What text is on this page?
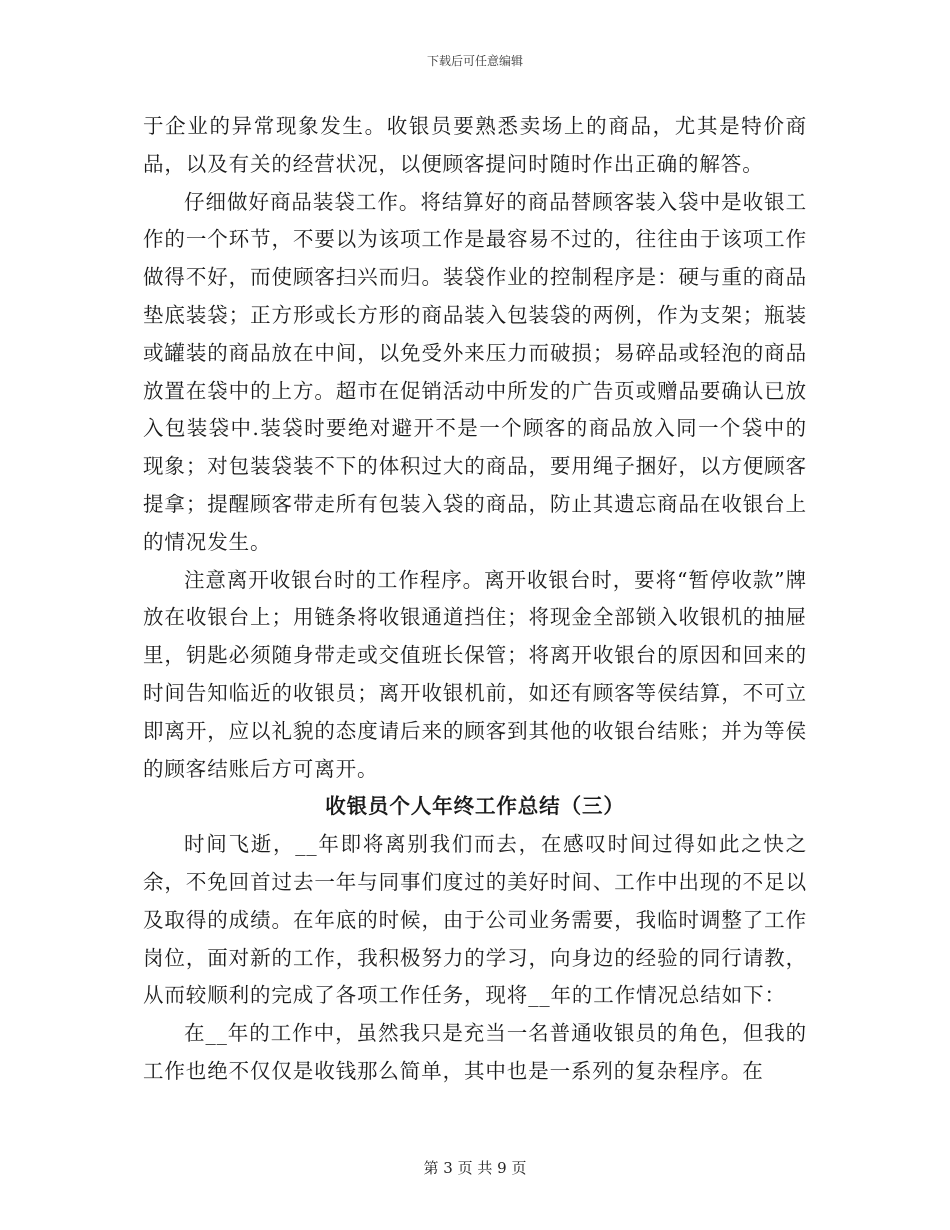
下载后可任意编辑

于企业的异常现象发生。收银员要熟悉卖场上的商品，尤其是特价商品，以及有关的经营状况，以便顾客提问时随时作出正确的解答。

仔细做好商品装袋工作。将结算好的商品替顾客装入袋中是收银工作的一个环节，不要以为该项工作是最容易不过的，往往由于该项工作做得不好，而使顾客扫兴而归。装袋作业的控制程序是：硬与重的商品垫底装袋；正方形或长方形的商品装入包装袋的两例，作为支架；瓶装或罐装的商品放在中间，以免受外来压力而破损；易碎品或轻泡的商品放置在袋中的上方。超市在促销活动中所发的广告页或赠品要确认已放入包装袋中.装袋时要绝对避开不是一个顾客的商品放入同一个袋中的现象；对包装袋装不下的体积过大的商品，要用绳子捆好，以方便顾客提拿；提醒顾客带走所有包装入袋的商品，防止其遗忘商品在收银台上的情况发生。

注意离开收银台时的工作程序。离开收银台时，要将“暂停收款”牌放在收银台上；用链条将收银通道挡住；将现金全部锁入收银机的抽屉里，钥匙必须随身带走或交值班长保管；将离开收银台的原因和回来的时间告知临近的收银员；离开收银机前，如还有顾客等侯结算，不可立即离开，应以礼貌的态度请后来的顾客到其他的收银台结账；并为等侯的顾客结账后方可离开。

收银员个人年终工作总结（三）

时间飞逝，__年即将离别我们而去，在感叹时间过得如此之快之余，不免回首过去一年与同事们度过的美好时间、工作中出现的不足以及取得的成绩。在年底的时候，由于公司业务需要，我临时调整了工作岗位，面对新的工作，我积极努力的学习，向身边的经验的同行请教，从而较顺利的完成了各项工作任务，现将__年的工作情况总结如下：

在__年的工作中，虽然我只是充当一名普通收银员的角色，但我的工作也绝不仅仅是收钱那么简单，其中也是一系列的复杂程序。在

第 3 页 共 9 页
